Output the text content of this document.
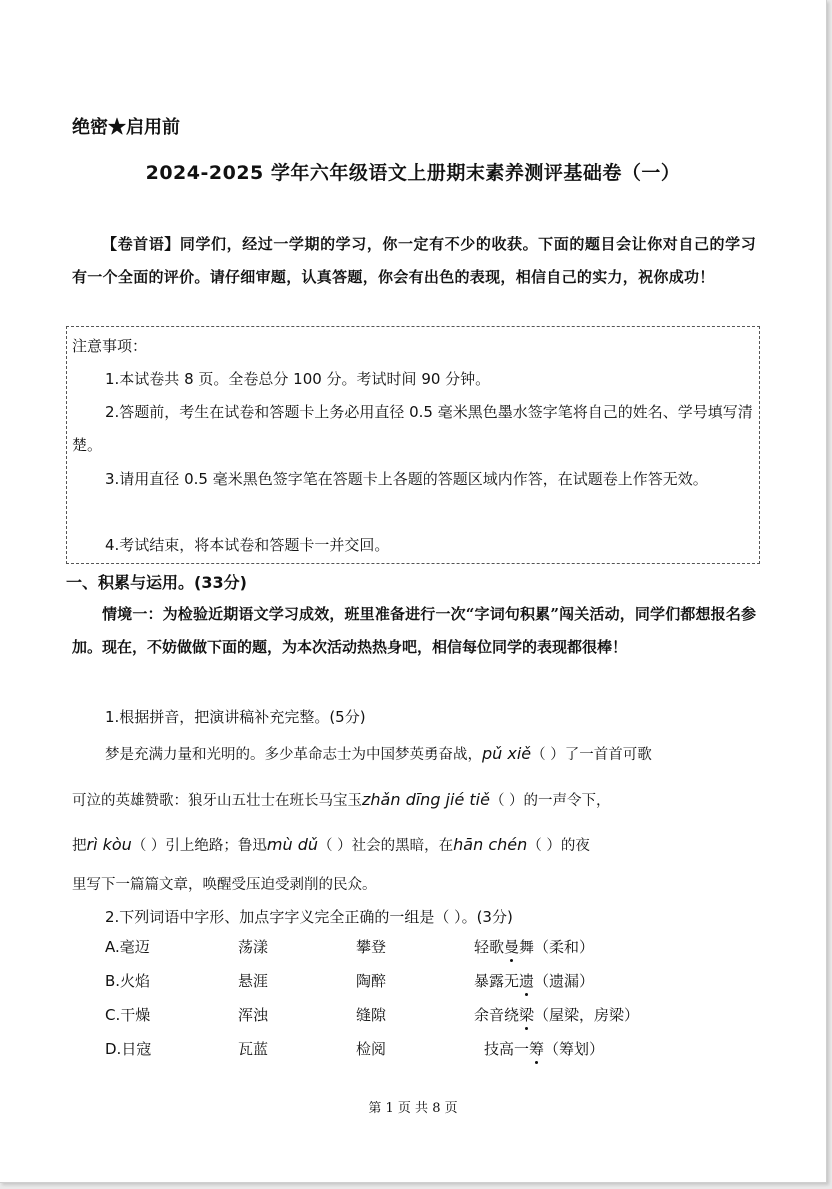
绝密★启用前
2024-2025 学年六年级语文上册期末素养测评基础卷（一）
【卷首语】同学们，经过一学期的学习，你一定有不少的收获。下面的题目会让你对自己的学习有一个全面的评价。请仔细审题，认真答题，你会有出色的表现，相信自己的实力，祝你成功！
注意事项：
1.本试卷共 8 页。全卷总分 100 分。考试时间 90 分钟。
2.答题前，考生在试卷和答题卡上务必用直径 0.5 毫米黑色墨水签字笔将自己的姓名、学号填写清楚。
3.请用直径 0.5 毫米黑色签字笔在答题卡上各题的答题区域内作答，在试题卷上作答无效。
4.考试结束，将本试卷和答题卡一并交回。
一、积累与运用。(33分)
情境一：为检验近期语文学习成效，班里准备进行一次“字词句积累”闯关活动，同学们都想报名参加。现在，不妨做做下面的题，为本次活动热热身吧，相信每位同学的表现都很棒！
1.根据拼音，把演讲稿补充完整。(5分)
梦是充满力量和光明的。多少革命志士为中国梦英勇奋战，pǔ xiě（ ）了一首首可歌
可泣的英雄赞歌：狼牙山五壮士在班长马宝玉zhǎn dīng jié tiě（ ）的一声令下，
把rì kòu（ ）引上绝路；鲁迅mù dǔ（ ）社会的黑暗，在hān chén（ ）的夜
里写下一篇篇文章，唤醒受压迫受剥削的民众。
2.下列词语中字形、加点字字义完全正确的一组是（ ）。(3分)
A.毫迈	荡漾	攀登	轻歌曼舞（柔和）
B.火焰	悬涯	陶醉	暴露无遗（遗漏）
C.干燥	浑浊	缝隙	余音绕梁（屋梁，房梁）
D.日寇	瓦蓝	检阅	技高一筹（筹划）
第 1 页 共 8 页
